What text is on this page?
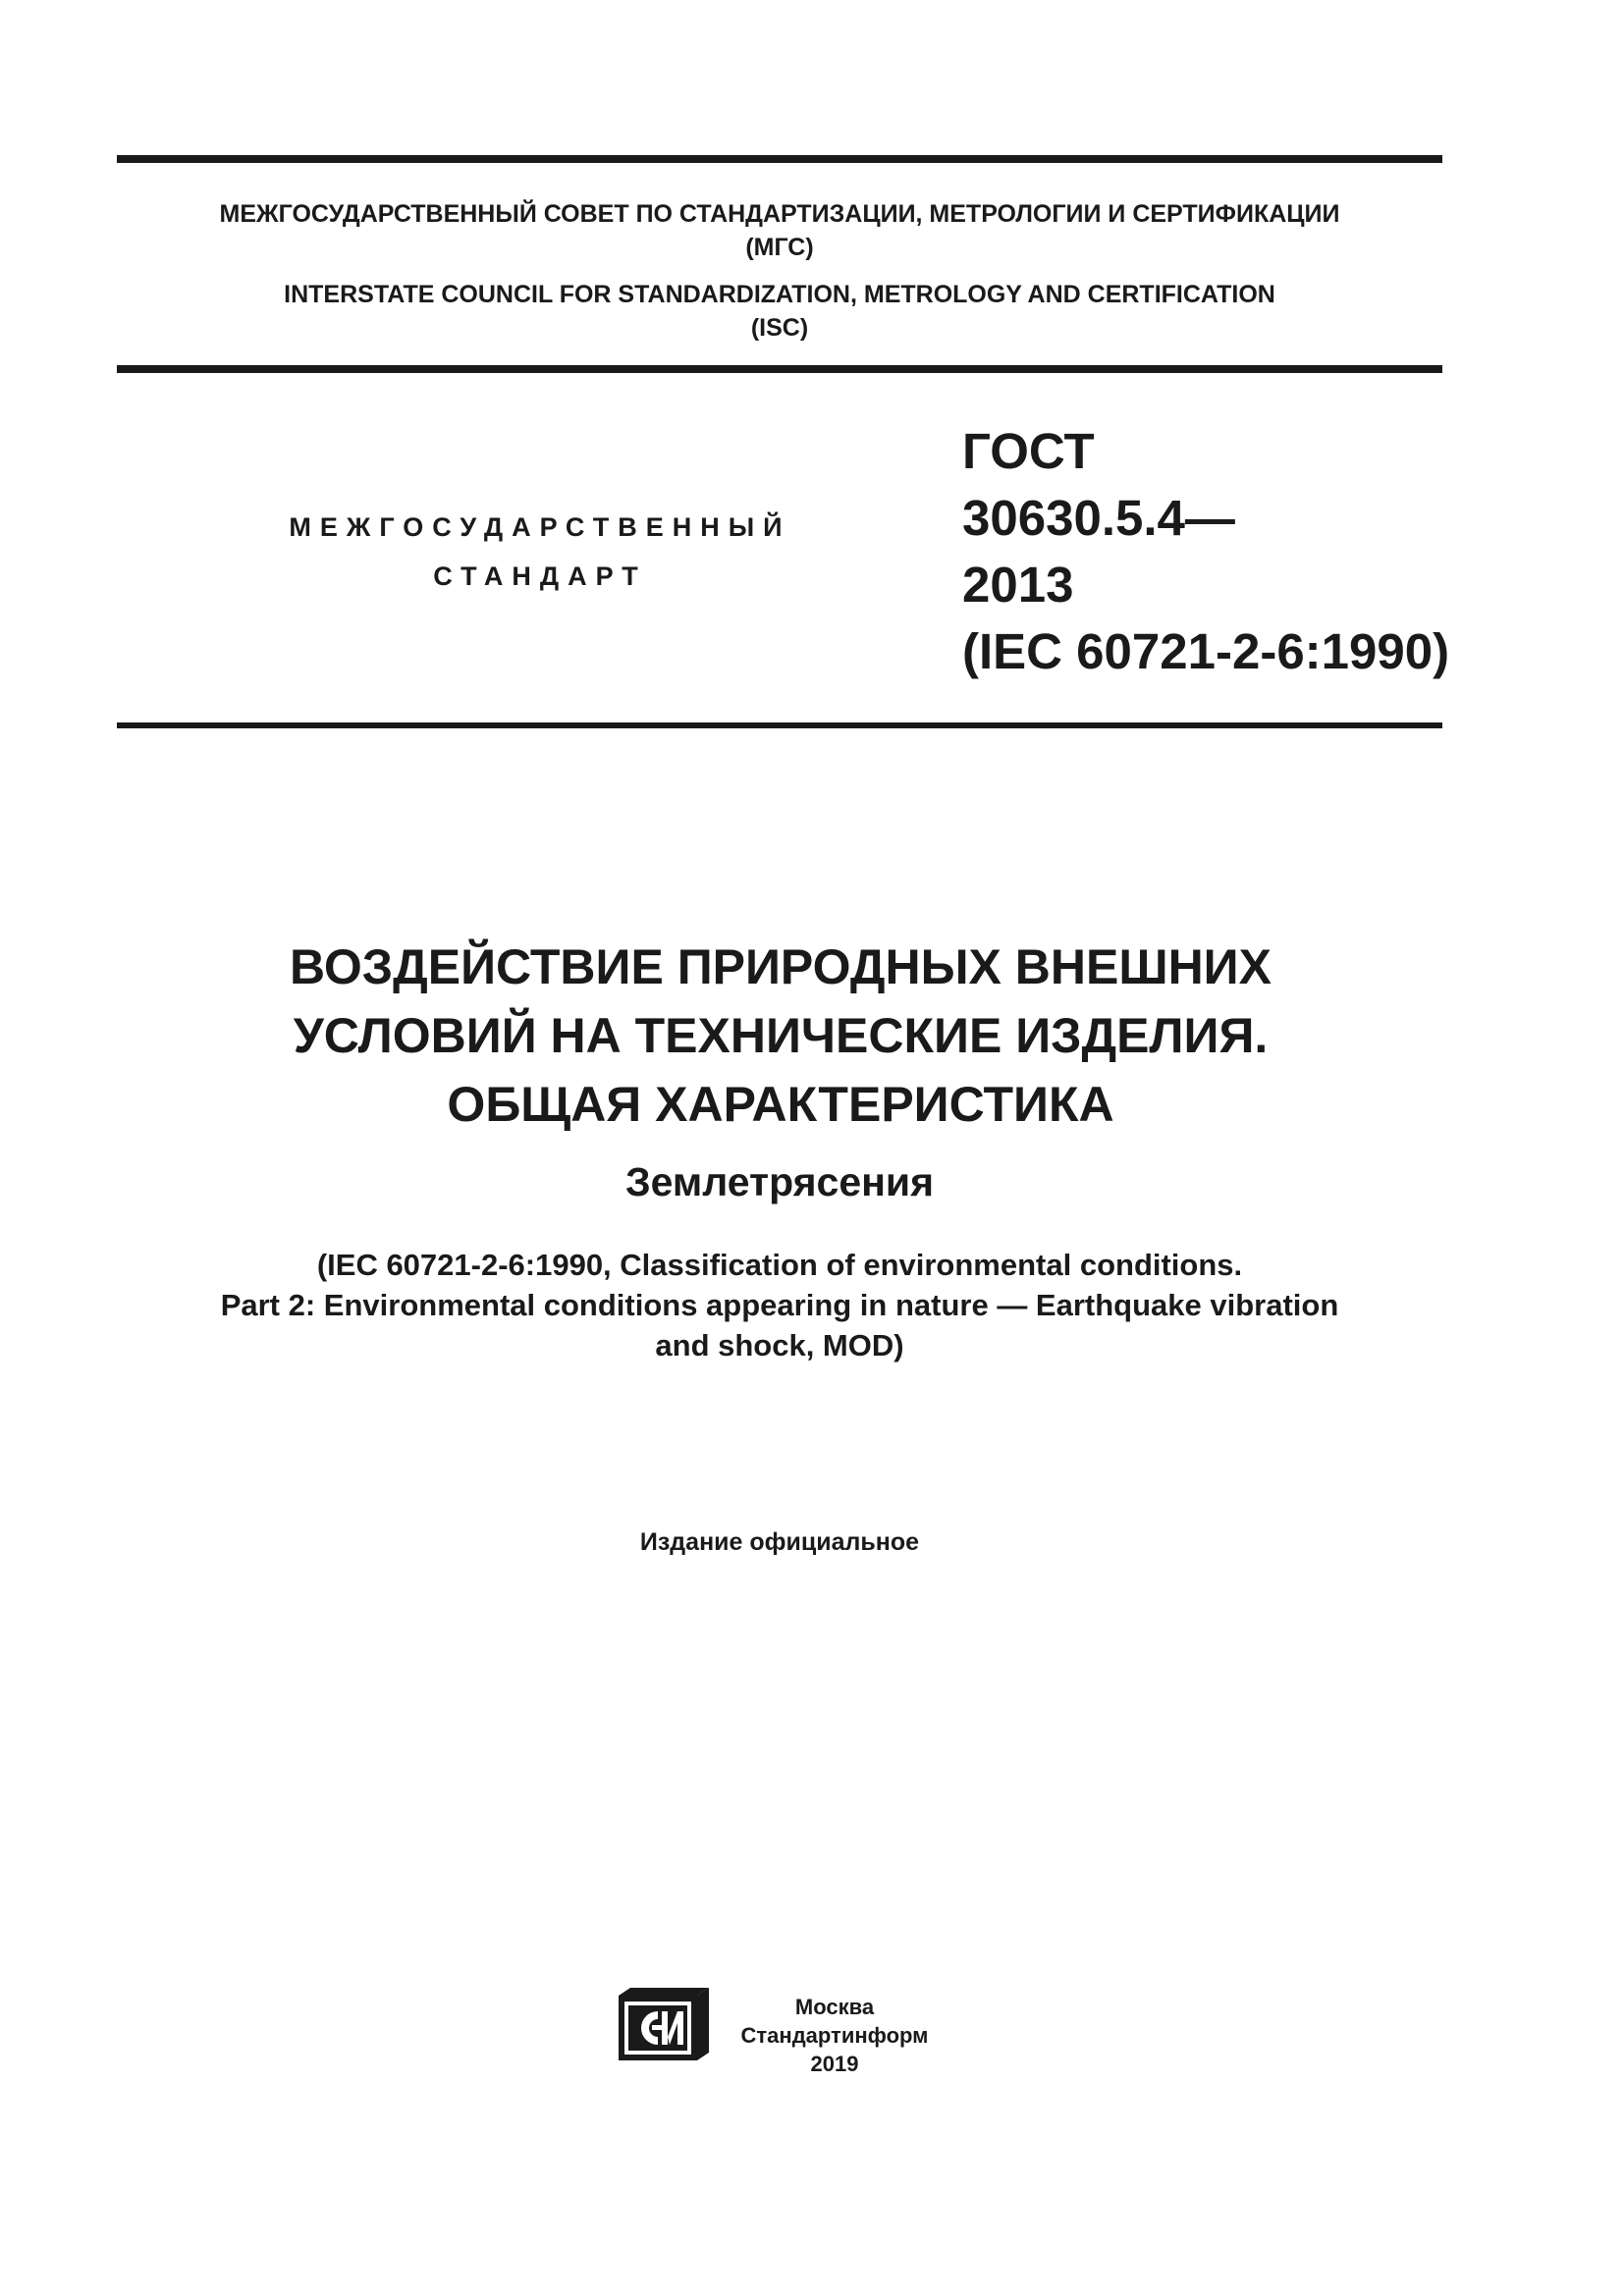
МЕЖГОСУДАРСТВЕННЫЙ СОВЕТ ПО СТАНДАРТИЗАЦИИ, МЕТРОЛОГИИ И СЕРТИФИКАЦИИ
(МГС)
INTERSTATE COUNCIL FOR STANDARDIZATION, METROLOGY AND CERTIFICATION
(ISC)
МЕЖГОСУДАРСТВЕННЫЙ
СТАНДАРТ
ГОСТ
30630.5.4—
2013
(IEC 60721-2-6:1990)
ВОЗДЕЙСТВИЕ ПРИРОДНЫХ ВНЕШНИХ
УСЛОВИЙ НА ТЕХНИЧЕСКИЕ ИЗДЕЛИЯ.
ОБЩАЯ ХАРАКТЕРИСТИКА
Землетрясения
(IEC 60721-2-6:1990, Classification of environmental conditions.
Part 2: Environmental conditions appearing in nature — Earthquake vibration
and shock, MOD)
Издание официальное
Москва
Стандартинформ
2019
